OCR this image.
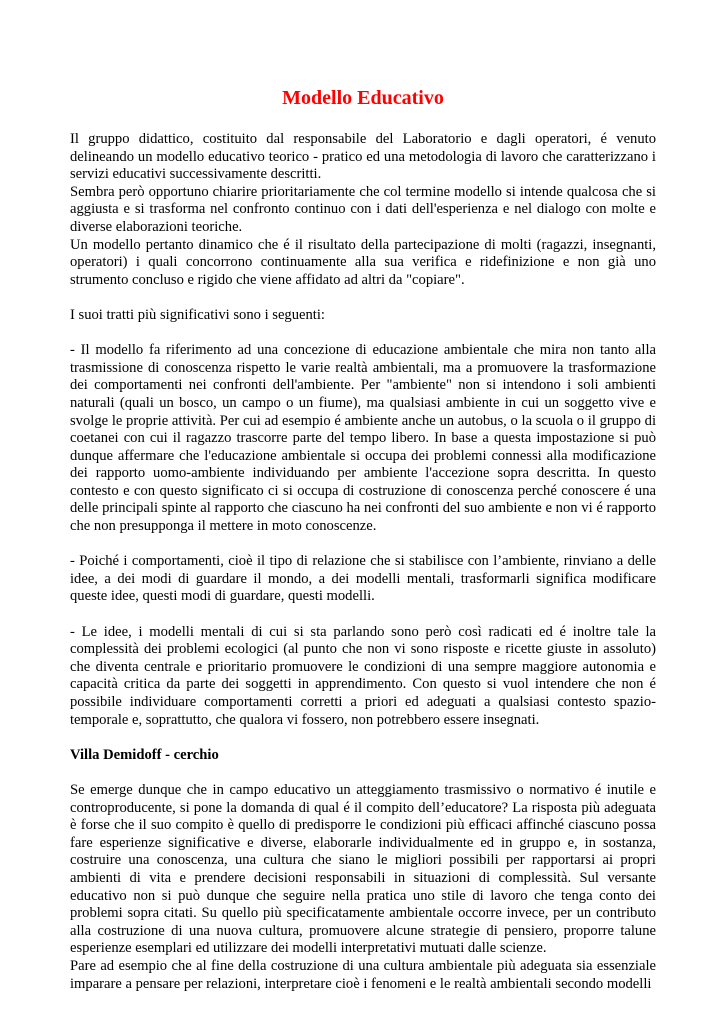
Modello Educativo

Il gruppo didattico, costituito dal responsabile del Laboratorio e dagli operatori, é venuto delineando un modello educativo teorico - pratico ed una metodologia di lavoro che caratterizzano i servizi educativi successivamente descritti.

Sembra però opportuno chiarire prioritariamente che col termine modello si intende qualcosa che si aggiusta e si trasforma nel confronto continuo con i dati dell'esperienza e nel dialogo con molte e diverse elaborazioni teoriche.

Un modello pertanto dinamico che é il risultato della partecipazione di molti (ragazzi, insegnanti, operatori) i quali concorrono continuamente alla sua verifica e ridefinizione e non già uno strumento concluso e rigido che viene affidato ad altri da "copiare".

I suoi tratti più significativi sono i seguenti:

- Il modello fa riferimento ad una concezione di educazione ambientale che mira non tanto alla trasmissione di conoscenza rispetto le varie realtà ambientali, ma a promuovere la trasformazione dei comportamenti nei confronti dell'ambiente. Per "ambiente" non si intendono i soli ambienti naturali (quali un bosco, un campo o un fiume), ma qualsiasi ambiente in cui un soggetto vive e svolge le proprie attività. Per cui ad esempio é ambiente anche un autobus, o la scuola o il gruppo di coetanei con cui il ragazzo trascorre parte del tempo libero. In base a questa impostazione si può dunque affermare che l'educazione ambientale si occupa dei problemi connessi alla modificazione dei rapporto uomo-ambiente individuando per ambiente l'accezione sopra descritta. In questo contesto e con questo significato ci si occupa di costruzione di conoscenza perché conoscere é una delle principali spinte al rapporto che ciascuno ha nei confronti del suo ambiente e non vi é rapporto che non presupponga il mettere in moto conoscenze.

- Poiché i comportamenti, cioè il tipo di relazione che si stabilisce con l’ambiente, rinviano a delle idee, a dei modi di guardare il mondo, a dei modelli mentali, trasformarli significa modificare queste idee, questi modi di guardare, questi modelli.

- Le idee, i modelli mentali di cui si sta parlando sono però così radicati ed é inoltre tale la complessità dei problemi ecologici (al punto che non vi sono risposte e ricette giuste in assoluto) che diventa centrale e prioritario promuovere le condizioni di una sempre maggiore autonomia e capacità critica da parte dei soggetti in apprendimento. Con questo si vuol intendere che non é possibile individuare comportamenti corretti a priori ed adeguati a qualsiasi contesto spazio-temporale e, soprattutto, che qualora vi fossero, non potrebbero essere insegnati.

Villa Demidoff - cerchio

Se emerge dunque che in campo educativo un atteggiamento trasmissivo o normativo é inutile e controproducente, si pone la domanda di qual é il compito dell’educatore? La risposta più adeguata è forse che il suo compito è quello di predisporre le condizioni più efficaci affinché ciascuno possa fare esperienze significative e diverse, elaborarle individualmente ed in gruppo e, in sostanza, costruire una conoscenza, una cultura che siano le migliori possibili per rapportarsi ai propri ambienti di vita e prendere decisioni responsabili in situazioni di complessità. Sul versante educativo non si può dunque che seguire nella pratica uno stile di lavoro che tenga conto dei problemi sopra citati. Su quello più specificatamente ambientale occorre invece, per un contributo alla costruzione di una nuova cultura, promuovere alcune strategie di pensiero, proporre talune esperienze esemplari ed utilizzare dei modelli interpretativi mutuati dalle scienze.

Pare ad esempio che al fine della costruzione di una cultura ambientale più adeguata sia essenziale imparare a pensare per relazioni, interpretare cioè i fenomeni e le realtà ambientali secondo modelli
